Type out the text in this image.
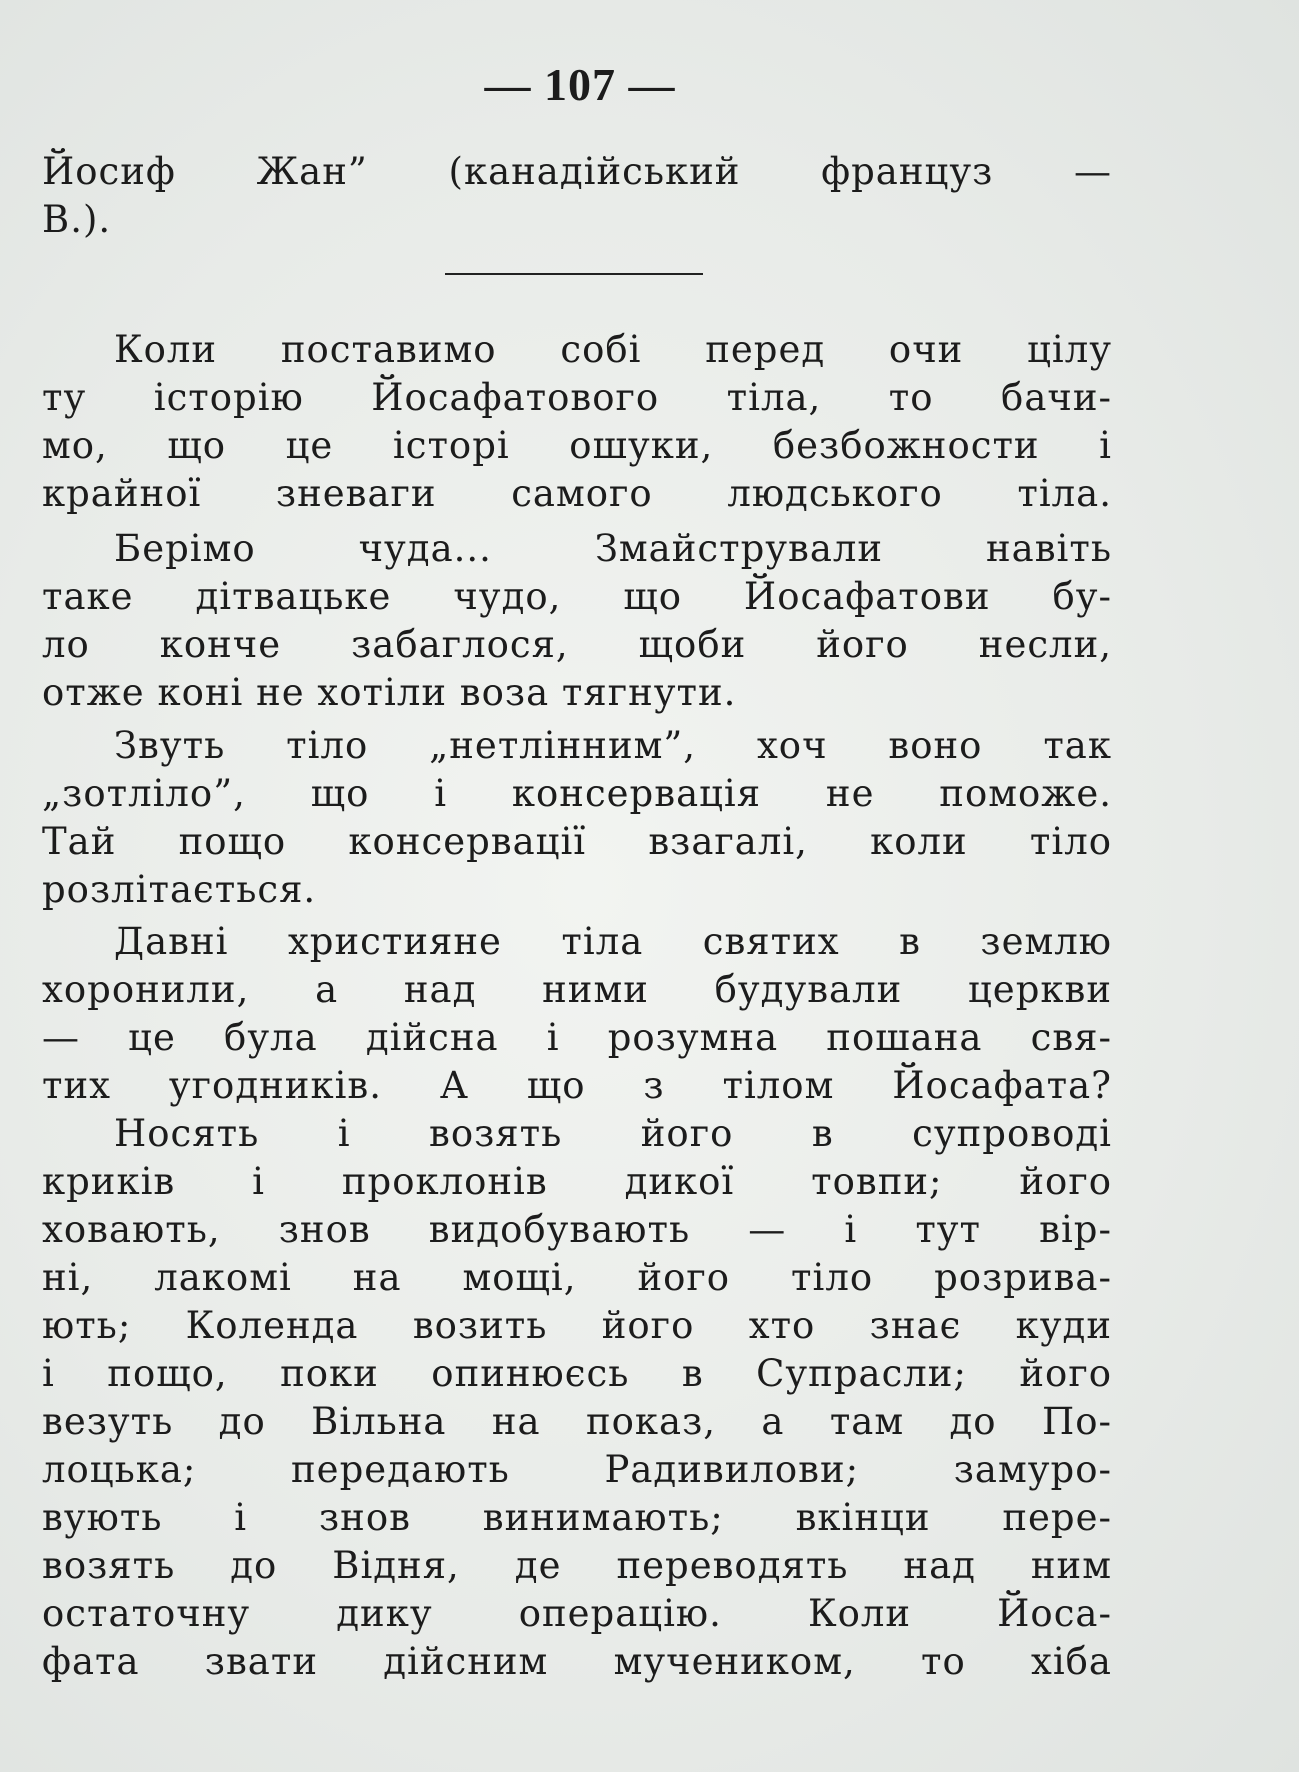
— 107 —
Йосиф Жан” (канадійський француз —
В.).
Коли поставимо собі перед очи цілу
ту історію Йосафатового тіла, то бачи-
мо, що це історі ошуки, безбожности і
крайної зневаги самого людського тіла.
Берімо чуда... Змайстрували навіть
таке дітвацьке чудо, що Йосафатови бу-
ло конче забаглося, щоби його несли,
отже коні не хотіли воза тягнути.
Звуть тіло „нетлінним”, хоч воно так
„зотліло”, що і консервація не поможе.
Тай пощо консервації взагалі, коли тіло
розлітається.
Давні християне тіла святих в землю
хоронили, а над ними будували церкви
— це була дійсна і розумна пошана свя-
тих угодників. А що з тілом Йосафата?
Носять і возять його в супроводі
криків і проклонів дикої товпи; його
ховають, знов видобувають — і тут вір-
ні, лакомі на мощі, його тіло розрива-
ють; Коленда возить його хто знає куди
і пощо, поки опинюєсь в Супрасли; його
везуть до Вільна на показ, а там до По-
лоцька; передають Радивилови; замуро-
вують і знов винимають; вкінци пере-
возять до Відня, де переводять над ним
остаточну дику операцію. Коли Йоса-
фата звати дійсним мучеником, то хіба
